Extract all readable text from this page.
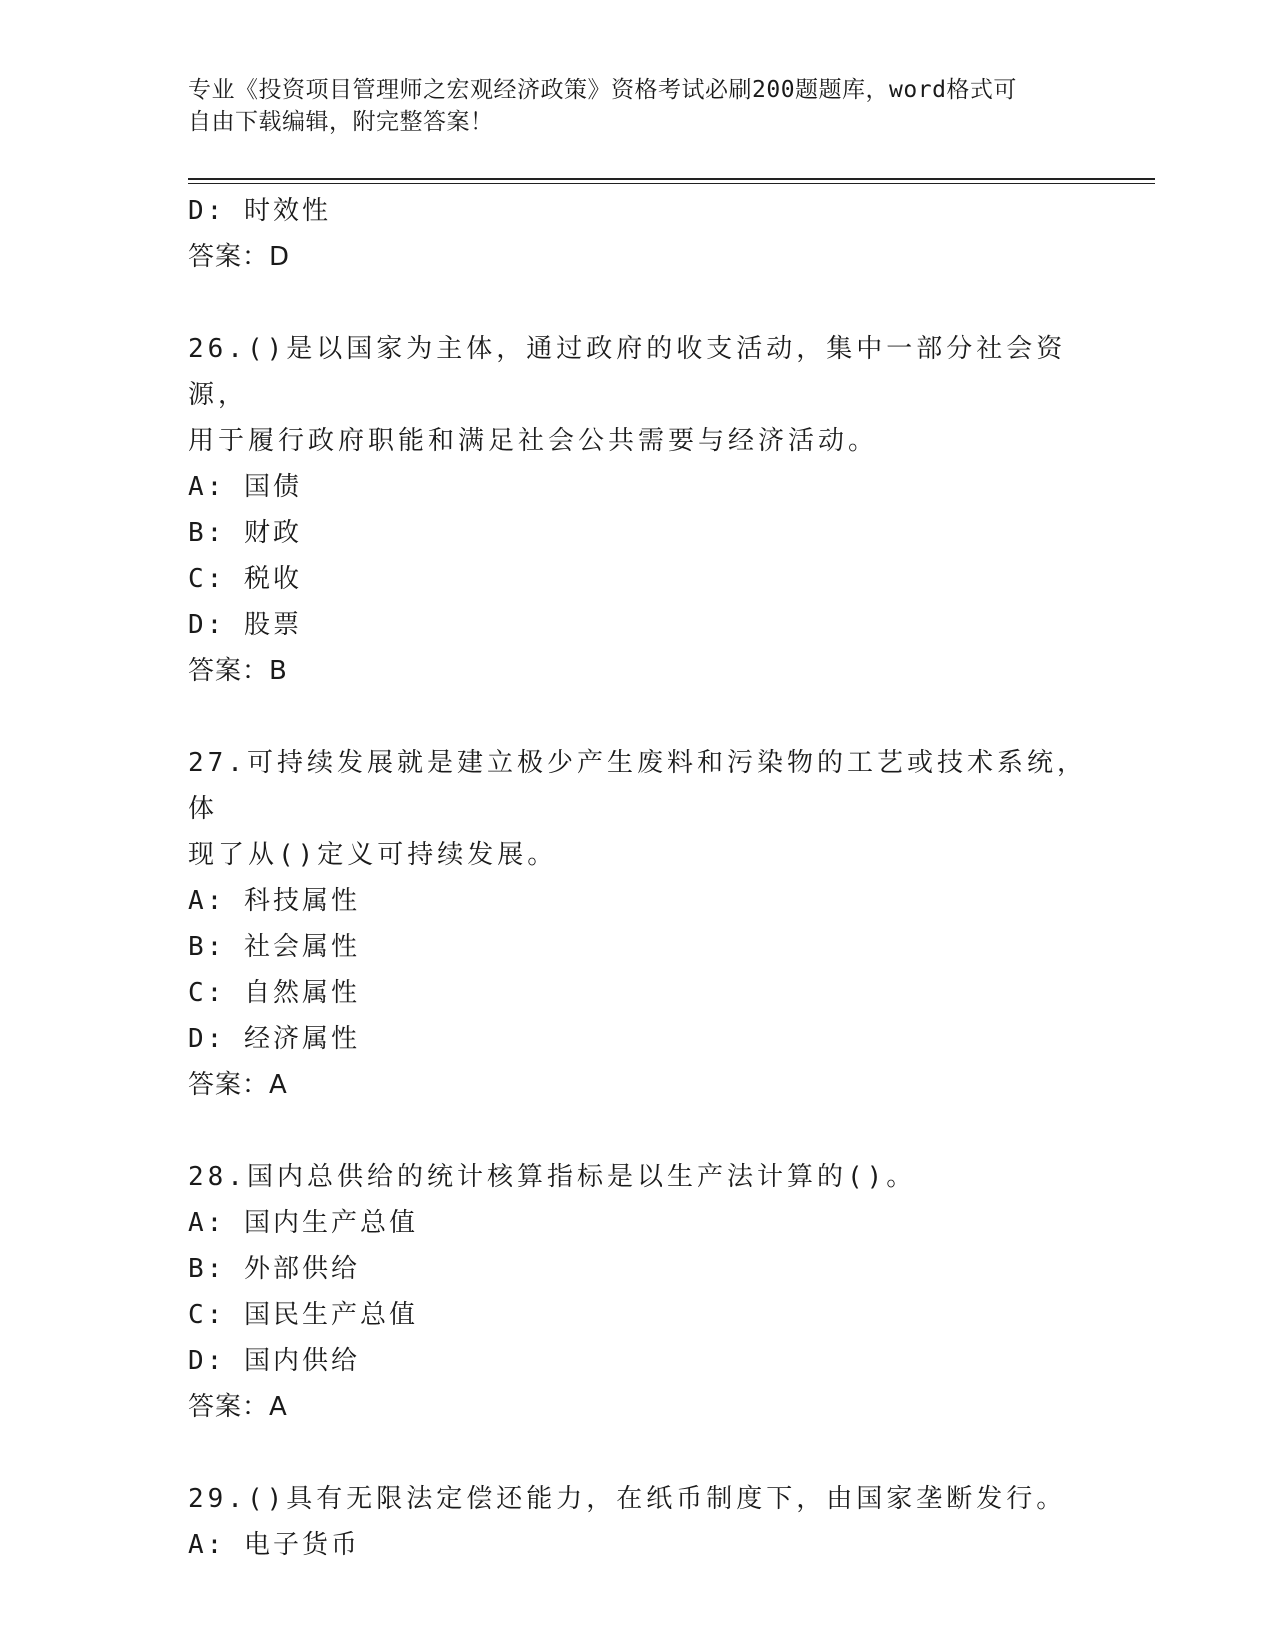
专业《投资项目管理师之宏观经济政策》资格考试必刷200题题库，word格式可
自由下载编辑，附完整答案！
D: 时效性
答案：D
26.()是以国家为主体，通过政府的收支活动，集中一部分社会资源，
用于履行政府职能和满足社会公共需要与经济活动。
A: 国债
B: 财政
C: 税收
D: 股票
答案：B
27.可持续发展就是建立极少产生废料和污染物的工艺或技术系统，体
现了从()定义可持续发展。
A: 科技属性
B: 社会属性
C: 自然属性
D: 经济属性
答案：A
28.国内总供给的统计核算指标是以生产法计算的()。
A: 国内生产总值
B: 外部供给
C: 国民生产总值
D: 国内供给
答案：A
29.()具有无限法定偿还能力，在纸币制度下，由国家垄断发行。
A: 电子货币
